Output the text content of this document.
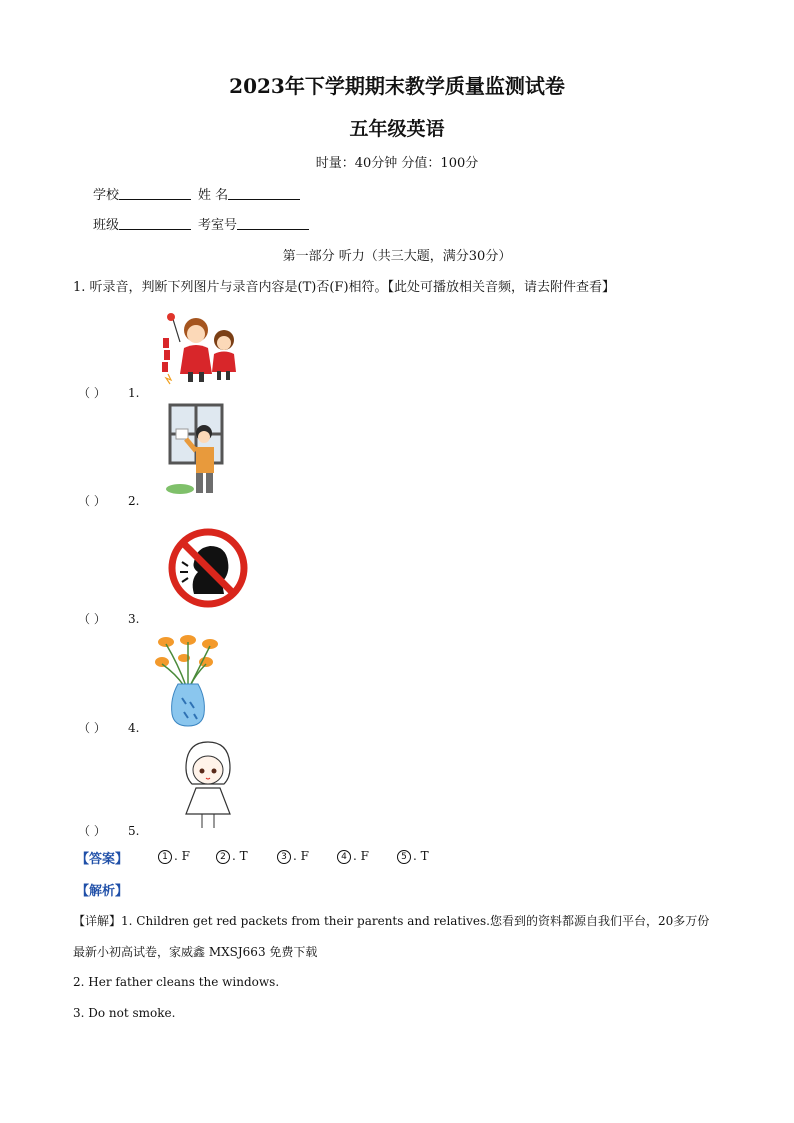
2023年下学期期末教学质量监测试卷
五年级英语
时量：40分钟 分值：100分
学校	姓 名
班级	考室号
第一部分 听力（共三大题，满分30分）
1. 听录音，判断下列图片与录音内容是(T)否(F)相符。【此处可播放相关音频，请去附件查看】
（ ） 1.
（ ） 2.
（ ） 3.
（ ） 4.
（ ） 5.
【答案】	1 . F	2 . T	3 . F	4 . F	5 . T
【解析】
【详解】1. Children get red packets from their parents and relatives.您看到的资料都源自我们平台，20多万份
最新小初高试卷，家威鑫 MXSJ663 免费下载
2. Her father cleans the windows.
3. Do not smoke.
